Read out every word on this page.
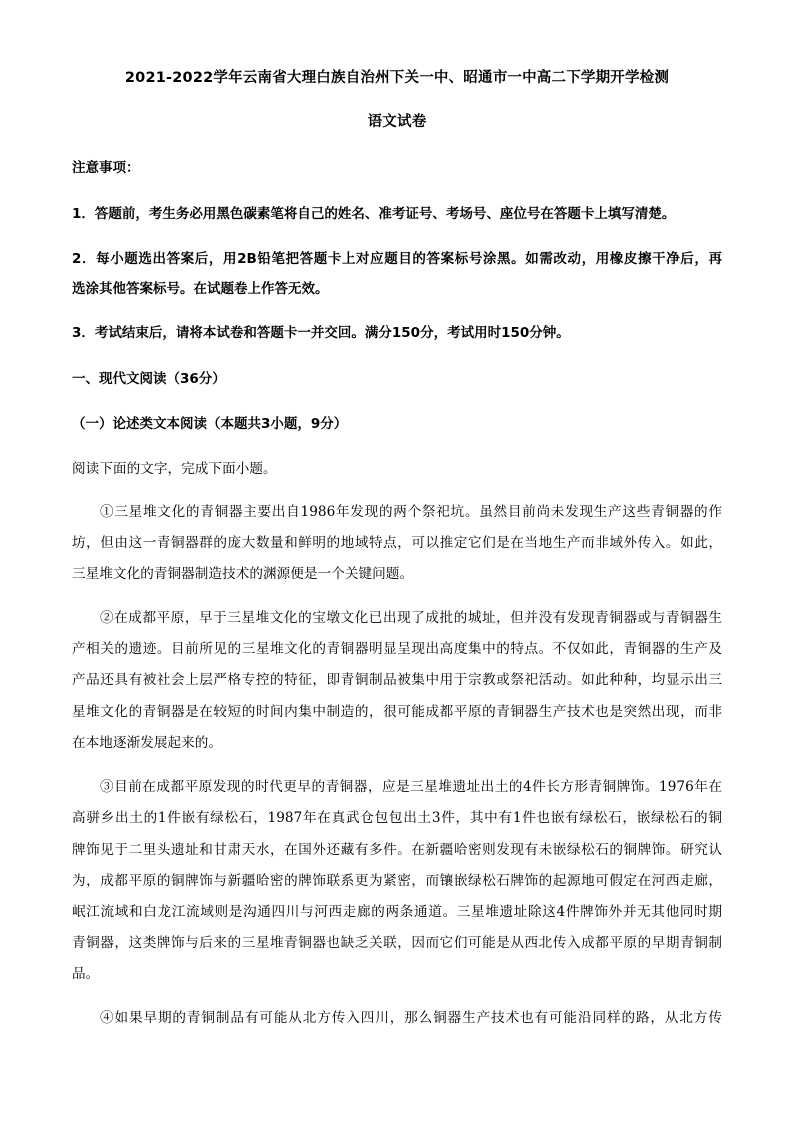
2021-2022学年云南省大理白族自治州下关一中、昭通市一中高二下学期开学检测
语文试卷
注意事项：
1．答题前，考生务必用黑色碳素笔将自己的姓名、准考证号、考场号、座位号在答题卡上填写清楚。
2．每小题选出答案后，用2B铅笔把答题卡上对应题目的答案标号涂黑。如需改动，用橡皮擦干净后，再
选涂其他答案标号。在试题卷上作答无效。
3．考试结束后，请将本试卷和答题卡一并交回。满分150分，考试用时150分钟。
一、现代文阅读（36分）
（一）论述类文本阅读（本题共3小题，9分）
阅读下面的文字，完成下面小题。
①三星堆文化的青铜器主要出自1986年发现的两个祭祀坑。虽然目前尚未发现生产这些青铜器的作
坊，但由这一青铜器群的庞大数量和鲜明的地域特点，可以推定它们是在当地生产而非域外传入。如此，
三星堆文化的青铜器制造技术的渊源便是一个关键问题。
②在成都平原，早于三星堆文化的宝墩文化已出现了成批的城址，但并没有发现青铜器或与青铜器生
产相关的遗迹。目前所见的三星堆文化的青铜器明显呈现出高度集中的特点。不仅如此，青铜器的生产及
产品还具有被社会上层严格专控的特征，即青铜制品被集中用于宗教或祭祀活动。如此种种，均显示出三
星堆文化的青铜器是在较短的时间内集中制造的，很可能成都平原的青铜器生产技术也是突然出现，而非
在本地逐渐发展起来的。
③目前在成都平原发现的时代更早的青铜器，应是三星堆遗址出土的4件长方形青铜牌饰。1976年在
高骈乡出土的1件嵌有绿松石，1987年在真武仓包包出土3件，其中有1件也嵌有绿松石，嵌绿松石的铜
牌饰见于二里头遗址和甘肃天水，在国外还藏有多件。在新疆哈密则发现有未嵌绿松石的铜牌饰。研究认
为，成都平原的铜牌饰与新疆哈密的牌饰联系更为紧密，而镶嵌绿松石牌饰的起源地可假定在河西走廊，
岷江流域和白龙江流域则是沟通四川与河西走廊的两条通道。三星堆遗址除这4件牌饰外并无其他同时期
青铜器，这类牌饰与后来的三星堆青铜器也缺乏关联，因而它们可能是从西北传入成都平原的早期青铜制
品。
④如果早期的青铜制品有可能从北方传入四川，那么铜器生产技术也有可能沿同样的路，从北方传
